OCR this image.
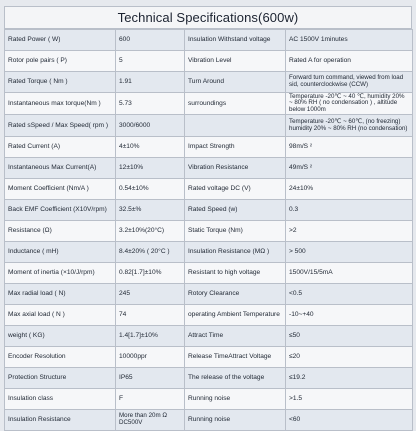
Technical Specifications(600w)
Rated Power ( W)	600	Insulation Withstand voltage	AC 1500V 1minutes
Rotor pole pairs ( P)	5	Vibration Level	Rated A for operation
Rated Torque ( Nm )	1.91	Turn Around	Forward turn command, viewed from load sid, counterclockwise (CCW)
Instantaneous max torque(Nm )	5.73	surroundings	Temperature -20℃ ~ 40 ℃, humidity 20% ~ 80% RH ( no condensation ) , altitude below 1000m
Rated sSpeed / Max Speed( rpm )	3000/6000		Temperature -20℃ ~ 60℃, (no freezing) humidity 20% ~ 80% RH (no condensation)
Rated Current (A)	4±10%	Impact Strength	98m/S ²
Instantaneous Max Current(A)	12±10%	Vibration Resistance	49m/S ²
Moment Coefficient (Nm/A )	0.54±10%	Rated voltage DC (V)	24±10%
Back EMF Coefficient (X10V/rpm)	32.5±%	Rated Speed (w)	0.3
Resistance (Ω)	3.2±10%(20°C)	Static Torque (Nm)	>2
Inductance ( mH)	8.4±20% ( 20°C )	Insulation Resistance (MΩ )	> 500
Moment of inertia (×10/J/rpm)	0.82[1.7]±10%	Resistant to high voltage	1500V/15/5mA
Max radial load ( N)	245	Rotory Clearance	<0.5
Max axial load ( N )	74	operating Ambient Temperature	-10~+40
weight ( KG)	1.4[1.7]±10%	Attract Time	≤50
Encoder Resolution	10000ppr	Release TimeAttract Voltage	≤20
Protection Structure	IP65	The release of the voltage	≤19.2
Insulation class	F	Running noise	>1.5
Insulation Resistance	More than 20m Ω DC500V	Running noise	<60
